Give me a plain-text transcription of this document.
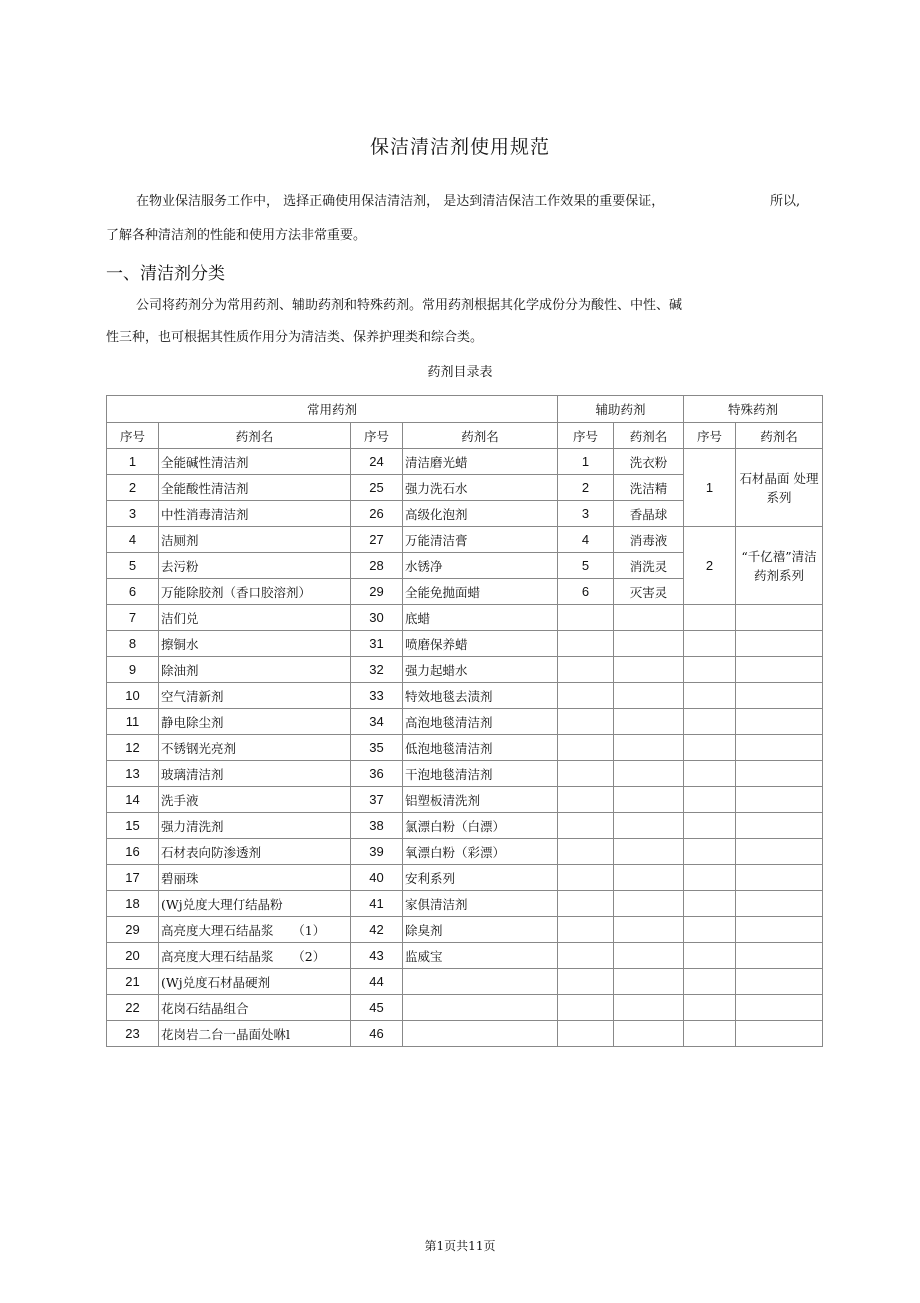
保洁清洁剂使用规范
在物业保洁服务工作中， 选择正确使用保洁清洁剂， 是达到清洁保洁工作效果的重要保证，	所以,
了解各种清洁剂的性能和使用方法非常重要。
一、清洁剂分类
公司将药剂分为常用药剂、辅助药剂和特殊药剂。常用药剂根据其化学成份分为酸性、中性、碱
性三种，也可根据其性质作用分为清洁类、保养护理类和综合类。
药剂目录表
常用药剂				辅助药剂		特殊药剂	
序号	药剂名	序号	药剂名	序号	药剂名	序号	药剂名
1	全能碱性清洁剂	24	清洁磨光蜡	1	洗衣粉	1	石材晶面 处理系列
2	全能酸性清洁剂	25	强力洗石水	2	洗洁精		
3	中性消毒清洁剂	26	高级化泡剂	3	香晶球		
4	洁厕剂	27	万能清洁膏	4	消毒液	2	“千亿禧”清洁 药剂系列
5	去污粉	28	水锈净	5	消洗灵		
6	万能除胶剂（香口胶溶剂）	29	全能免抛面蜡	6	灭害灵		
7	洁们兑	30	底蜡				
8	擦铜水	31	喷磨保养蜡				
9	除油剂	32	强力起蜡水				
10	空气清新剂	33	特效地毯去渍剂				
11	静电除尘剂	34	高泡地毯清洁剂				
12	不锈钢光亮剂	35	低泡地毯清洁剂				
13	玻璃清洁剂	36	干泡地毯清洁剂				
14	洗手液	37	铝塑板清洗剂				
15	强力清洗剂	38	氯漂白粉（白漂）				
16	石材表向防渗透剂	39	氧漂白粉（彩漂）				
17	碧丽珠	40	安利系列				
18	(Wj兑度大理仃结晶粉	41	家俱清洁剂				
29	高亮度大理石结晶浆　　（1）	42	除臭剂				
20	高亮度大理石结晶浆　　（2）	43	监威宝				
21	(Wj兑度石材晶硬剂	44					
22	花岗石结晶组合	45					
23	花岗岩二台一晶面处咻l	46					
第1页共11页
